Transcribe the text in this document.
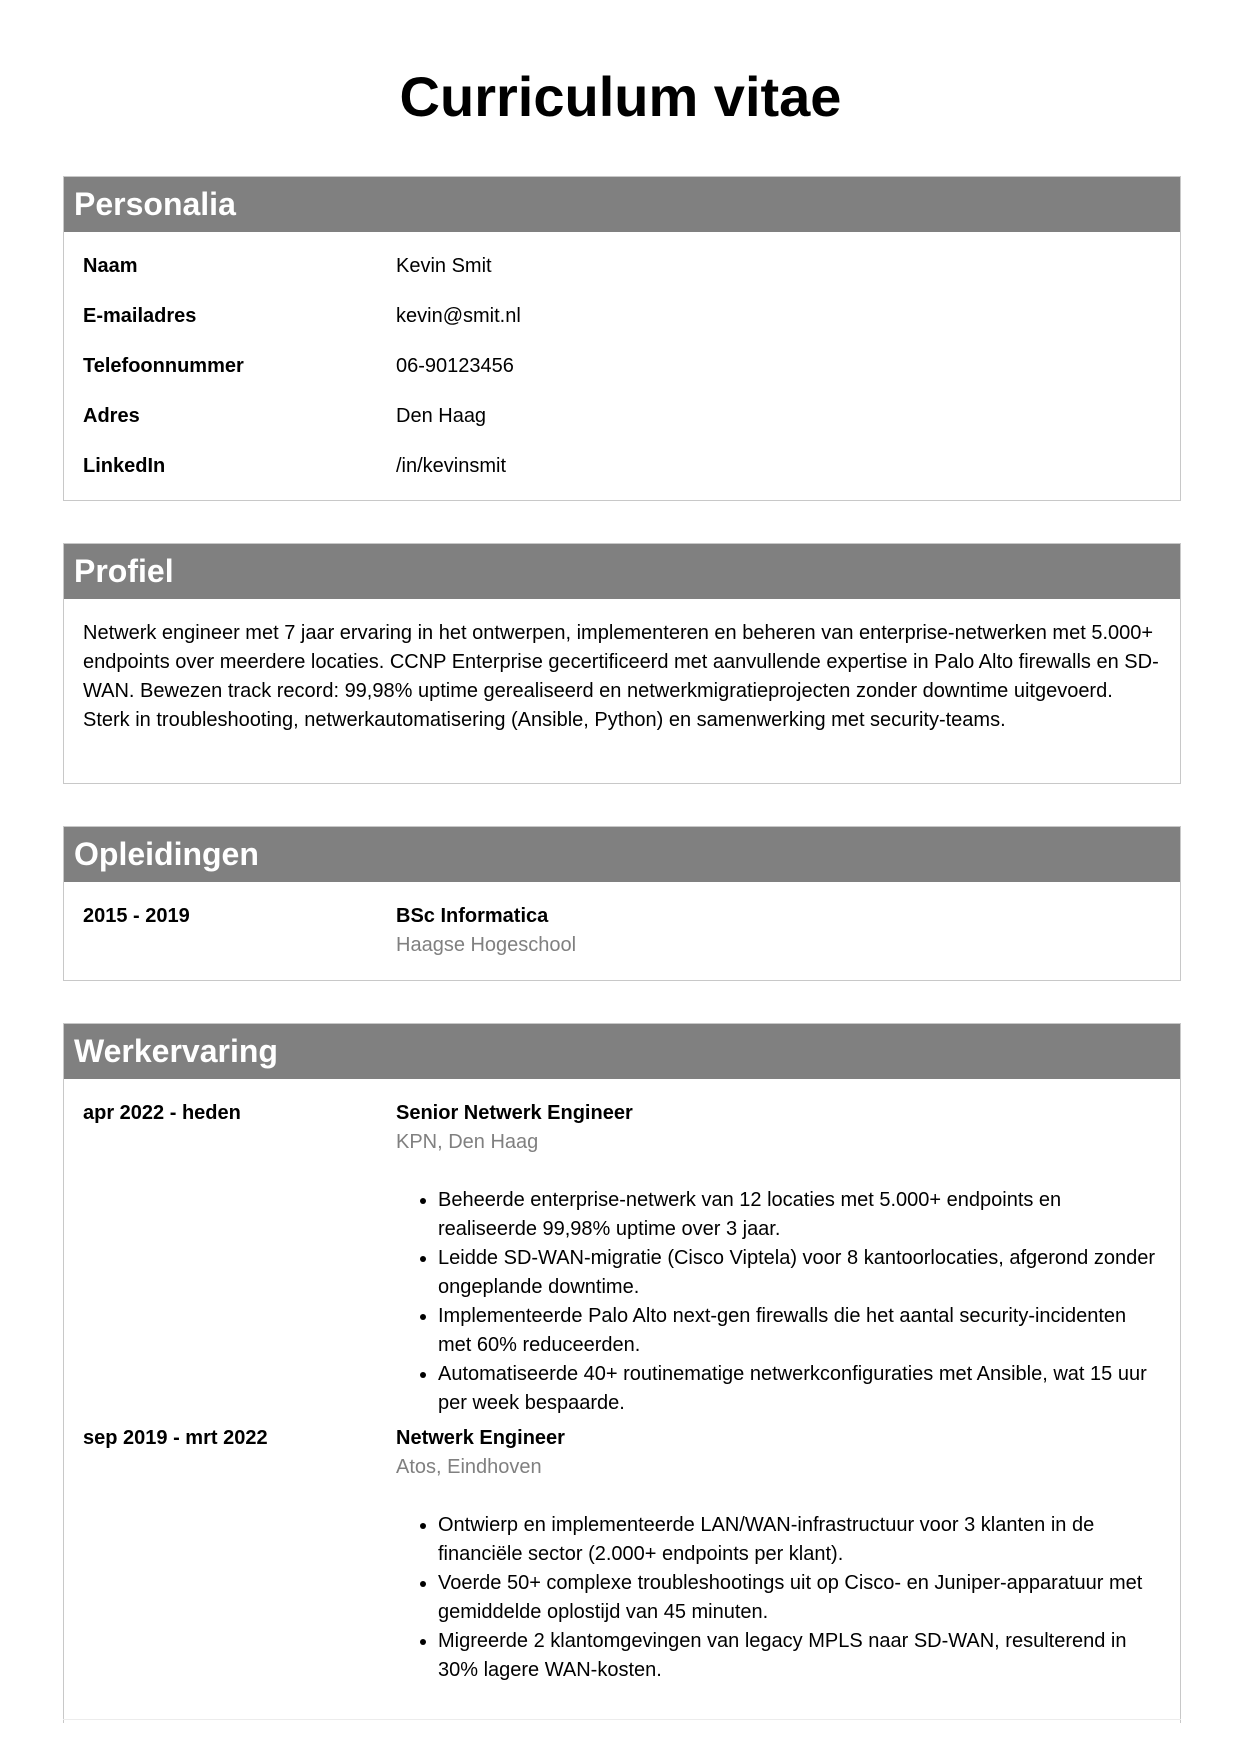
Curriculum vitae
Personalia
Naam	Kevin Smit
E-mailadres	kevin@smit.nl
Telefoonnummer	06-90123456
Adres	Den Haag
LinkedIn	/in/kevinsmit
Profiel

Netwerk engineer met 7 jaar ervaring in het ontwerpen, implementeren en beheren van enterprise-netwerken met 5.000+ endpoints over meerdere locaties. CCNP Enterprise gecertificeerd met aanvullende expertise in Palo Alto firewalls en SD-WAN. Bewezen track record: 99,98% uptime gerealiseerd en netwerkmigratieprojecten zonder downtime uitgevoerd. Sterk in troubleshooting, netwerkautomatisering (Ansible, Python) en samenwerking met security-teams.

Opleidingen
2015 - 2019	BSc Informatica
Haagse Hogeschool
Werkervaring
apr 2022 - heden	Senior Netwerk Engineer
KPN, Den Haag
• Beheerde enterprise-netwerk van 12 locaties met 5.000+ endpoints en realiseerde 99,98% uptime over 3 jaar.
• Leidde SD-WAN-migratie (Cisco Viptela) voor 8 kantoorlocaties, afgerond zonder ongeplande downtime.
• Implementeerde Palo Alto next-gen firewalls die het aantal security-incidenten met 60% reduceerden.
• Automatiseerde 40+ routinematige netwerkconfiguraties met Ansible, wat 15 uur per week bespaarde.
sep 2019 - mrt 2022	Netwerk Engineer
Atos, Eindhoven
• Ontwierp en implementeerde LAN/WAN-infrastructuur voor 3 klanten in de financiële sector (2.000+ endpoints per klant).
• Voerde 50+ complexe troubleshootings uit op Cisco- en Juniper-apparatuur met gemiddelde oplostijd van 45 minuten.
• Migreerde 2 klantomgevingen van legacy MPLS naar SD-WAN, resulterend in 30% lagere WAN-kosten.
